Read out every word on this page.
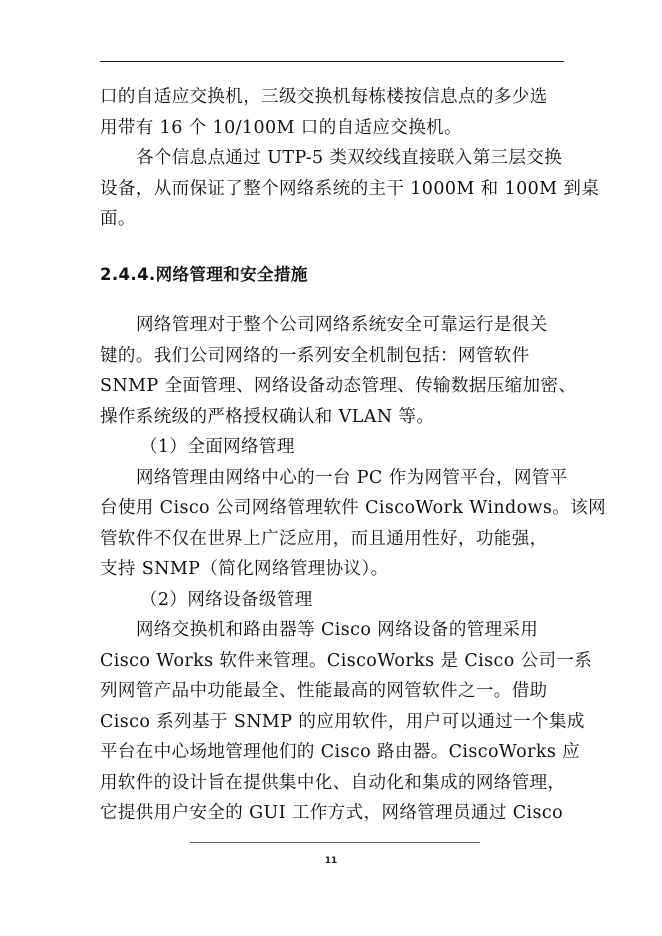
口的自适应交换机，三级交换机每栋楼按信息点的多少选
用带有 16 个 10/100M 口的自适应交换机。

各个信息点通过 UTP-5 类双绞线直接联入第三层交换
设备，从而保证了整个网络系统的主干 1000M 和 100M 到桌
面。

2.4.4.网络管理和安全措施

网络管理对于整个公司网络系统安全可靠运行是很关
键的。我们公司网络的一系列安全机制包括：网管软件
SNMP 全面管理、网络设备动态管理、传输数据压缩加密、
操作系统级的严格授权确认和 VLAN 等。

（1）全面网络管理

网络管理由网络中心的一台 PC 作为网管平台，网管平
台使用 Cisco 公司网络管理软件 CiscoWork Windows。该网
管软件不仅在世界上广泛应用，而且通用性好，功能强，
支持 SNMP（简化网络管理协议）。

（2）网络设备级管理

网络交换机和路由器等 Cisco 网络设备的管理采用
Cisco Works 软件来管理。CiscoWorks 是 Cisco 公司一系
列网管产品中功能最全、性能最高的网管软件之一。借助
Cisco 系列基于 SNMP 的应用软件，用户可以通过一个集成
平台在中心场地管理他们的 Cisco 路由器。CiscoWorks 应
用软件的设计旨在提供集中化、自动化和集成的网络管理，
它提供用户安全的 GUI 工作方式，网络管理员通过 Cisco

11
